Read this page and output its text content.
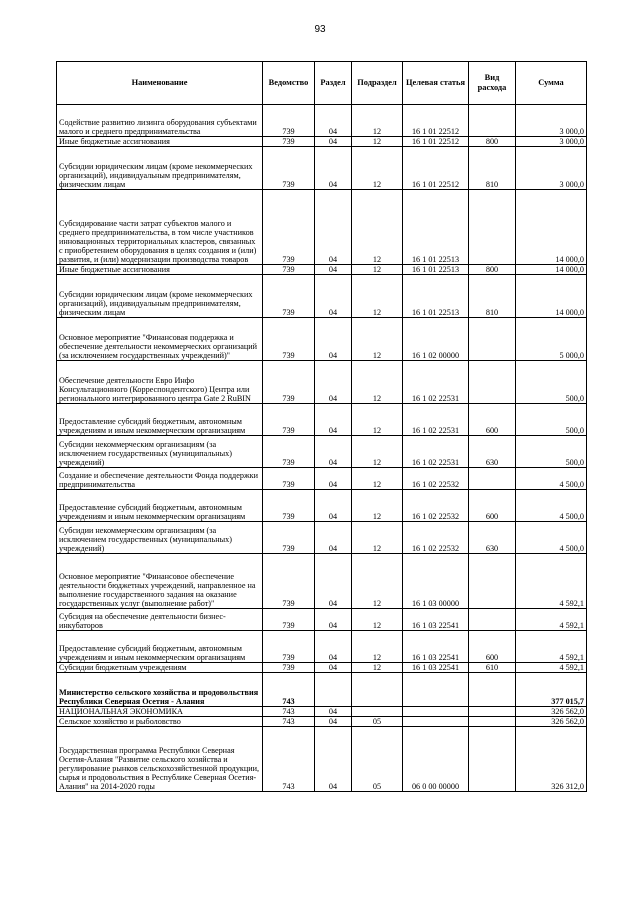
93
Наименование	Ведомство	Раздел	Подраздел	Целевая статья	Вид расхода	Сумма
Содействие развитию лизинга оборудования субъектами малого и среднего предпринимательства	739	04	12	16 1 01 22512		3 000,0
Иные бюджетные ассигнования	739	04	12	16 1 01 22512	800	3 000,0
Субсидии юридическим лицам (кроме некоммерческих организаций), индивидуальным предпринимателям, физическим лицам	739	04	12	16 1 01 22512	810	3 000,0
Субсидирование части затрат субъектов малого и среднего предпринимательства, в том числе участников инновационных территориальных кластеров, связанных с приобретением оборудования в целях создания и (или) развития, и (или) модернизации производства товаров	739	04	12	16 1 01 22513		14 000,0
Иные бюджетные ассигнования	739	04	12	16 1 01 22513	800	14 000,0
Субсидии юридическим лицам (кроме некоммерческих организаций), индивидуальным предпринимателям, физическим лицам	739	04	12	16 1 01 22513	810	14 000,0
Основное мероприятие "Финансовая поддержка и обеспечение деятельности некоммерческих организаций (за исключением государственных учреждений)"	739	04	12	16 1 02 00000		5 000,0
Обеспечение деятельности Евро Инфо Консультационного (Корреспондентского) Центра или регионального интегрированного центра Gate 2 RuBIN	739	04	12	16 1 02 22531		500,0
Предоставление субсидий бюджетным, автономным учреждениям и иным некоммерческим организациям	739	04	12	16 1 02 22531	600	500,0
Субсидии некоммерческим организациям (за исключением государственных (муниципальных) учреждений)	739	04	12	16 1 02 22531	630	500,0
Создание и обеспечение деятельности Фонда поддержки предпринимательства	739	04	12	16 1 02 22532		4 500,0
Предоставление субсидий бюджетным, автономным учреждениям и иным некоммерческим организациям	739	04	12	16 1 02 22532	600	4 500,0
Субсидии некоммерческим организациям (за исключением государственных (муниципальных) учреждений)	739	04	12	16 1 02 22532	630	4 500,0
Основное мероприятие "Финансовое обеспечение деятельности бюджетных учреждений, направленное на выполнение государственного задания на оказание государственных услуг (выполнение работ)"	739	04	12	16 1 03 00000		4 592,1
Субсидия на обеспечение деятельности бизнес-инкубаторов	739	04	12	16 1 03 22541		4 592,1
Предоставление субсидий бюджетным, автономным учреждениям и иным некоммерческим организациям	739	04	12	16 1 03 22541	600	4 592,1
Субсидии бюджетным учреждениям	739	04	12	16 1 03 22541	610	4 592,1
Министерство сельского хозяйства и продовольствия Республики Северная Осетия - Алания	743					377 015,7
НАЦИОНАЛЬНАЯ ЭКОНОМИКА	743	04				326 562,0
Сельское хозяйство и рыболовство	743	04	05			326 562,0
Государственная программа Республики Северная Осетия-Алания "Развитие сельского хозяйства и регулирование рынков сельскохозяйственной продукции, сырья и продовольствия в Республике Северная Осетия-Алания" на 2014-2020 годы	743	04	05	06 0 00 00000		326 312,0
